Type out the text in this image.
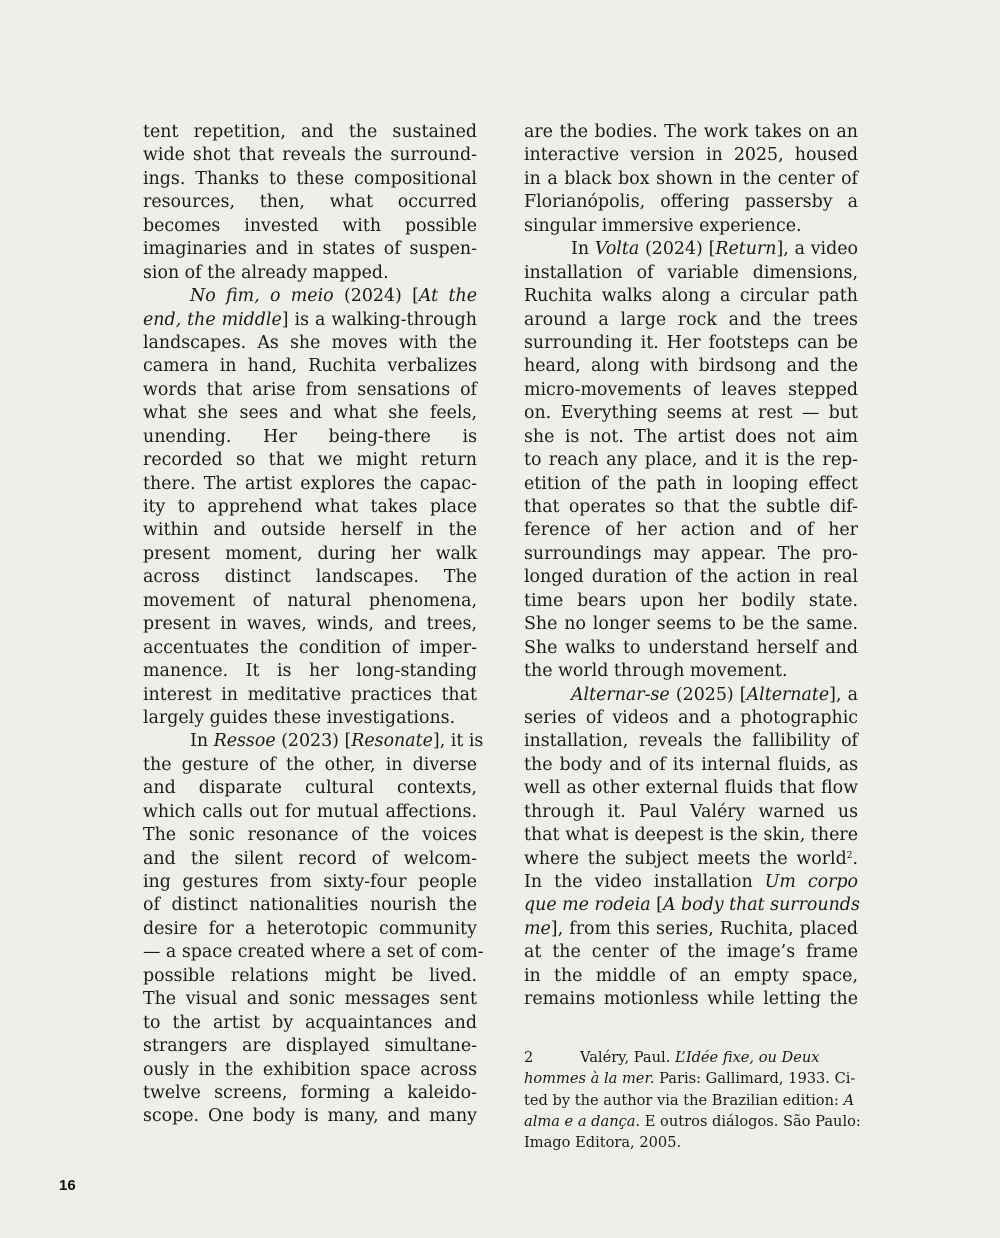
tent repetition, and the sustained
wide shot that reveals the surround-
ings. Thanks to these compositional
resources, then, what occurred
becomes invested with possible
imaginaries and in states of suspen-
sion of the already mapped.
No fim, o meio (2024) [At the
end, the middle] is a walking-through
landscapes. As she moves with the
camera in hand, Ruchita verbalizes
words that arise from sensations of
what she sees and what she feels,
unending. Her being-there is
recorded so that we might return
there. The artist explores the capac-
ity to apprehend what takes place
within and outside herself in the
present moment, during her walk
across distinct landscapes. The
movement of natural phenomena,
present in waves, winds, and trees,
accentuates the condition of imper-
manence. It is her long-standing
interest in meditative practices that
largely guides these investigations.
In Ressoe (2023) [Resonate], it is
the gesture of the other, in diverse
and disparate cultural contexts,
which calls out for mutual affections.
The sonic resonance of the voices
and the silent record of welcom-
ing gestures from sixty-four people
of distinct nationalities nourish the
desire for a heterotopic community
— a space created where a set of com-
possible relations might be lived.
The visual and sonic messages sent
to the artist by acquaintances and
strangers are displayed simultane-
ously in the exhibition space across
twelve screens, forming a kaleido-
scope. One body is many, and many
are the bodies. The work takes on an
interactive version in 2025, housed
in a black box shown in the center of
Florianópolis, offering passersby a
singular immersive experience.
In Volta (2024) [Return], a video
installation of variable dimensions,
Ruchita walks along a circular path
around a large rock and the trees
surrounding it. Her footsteps can be
heard, along with birdsong and the
micro-movements of leaves stepped
on. Everything seems at rest — but
she is not. The artist does not aim
to reach any place, and it is the rep-
etition of the path in looping effect
that operates so that the subtle dif-
ference of her action and of her
surroundings may appear. The pro-
longed duration of the action in real
time bears upon her bodily state.
She no longer seems to be the same.
She walks to understand herself and
the world through movement.
Alternar-se (2025) [Alternate], a
series of videos and a photographic
installation, reveals the fallibility of
the body and of its internal fluids, as
well as other external fluids that flow
through it. Paul Valéry warned us
that what is deepest is the skin, there
where the subject meets the world$^2$.
In the video installation Um corpo
que me rodeia [A body that surrounds
me], from this series, Ruchita, placed
at the center of the image’s frame
in the middle of an empty space,
remains motionless while letting the
2	Valéry, Paul. L’Idée fixe, ou Deux
hommes à la mer. Paris: Gallimard, 1933. Ci-
ted by the author via the Brazilian edition: A
alma e a dança. E outros diálogos. São Paulo:
Imago Editora, 2005.
16
